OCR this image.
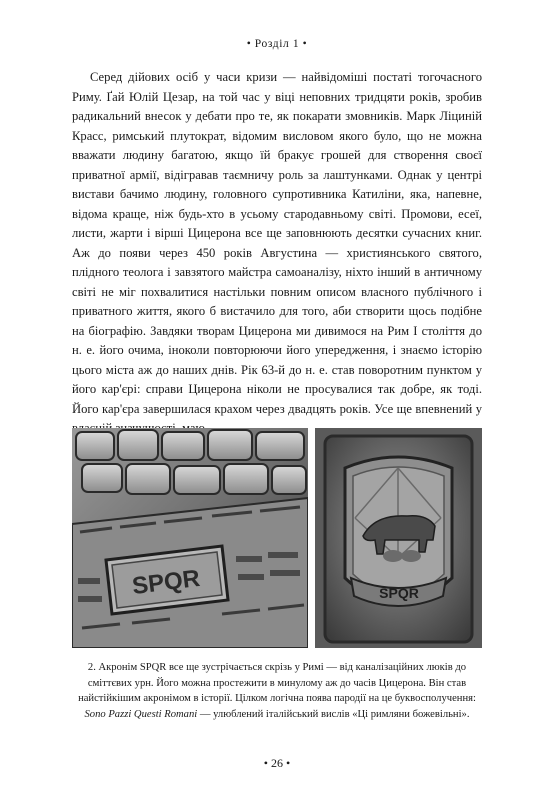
• Розділ 1 •

Серед дійових осіб у часи кризи — найвідоміші постаті тогочасного Риму. Ґай Юлій Цезар, на той час у віці неповних тридцяти років, зробив радикальний внесок у дебати про те, як покарати змовників. Марк Ліциній Красс, римський плутократ, відомим висловом якого було, що не можна вважати людину багатою, якщо їй бракує грошей для створення своєї приватної армії, відігравав таємничу роль за лаштунками. Однак у центрі вистави бачимо людину, головного супротивника Катиліни, яка, напевне, відома краще, ніж будь-хто в усьому стародавньому світі. Промови, есеї, листи, жарти і вірші Цицерона все ще заповнюють десятки сучасних книг. Аж до появи через 450 років Августина — християнського святого, плідного теолога і завзятого майстра самоаналізу, ніхто інший в античному світі не міг похвалитися настільки повним описом власного публічного і приватного життя, якого б вистачило для того, аби створити щось подібне на біографію. Завдяки творам Цицерона ми дивимося на Рим I століття до н. е. його очима, іноколи повторюючи його упередження, і знаємо історію цього міста аж до наших днів. Рік 63-й до н. е. став поворотним пунктом у його кар'єрі: справи Цицерона ніколи не просувалися так добре, як тоді. Його кар'єра завершилася крахом через двадцять років. Усе ще впевнений у

SPQR	SPQR
2. Акронім SPQR все ще зустрічається скрізь у Римі — від каналізаційних люків до сміттєвих урн. Його можна простежити в минулому аж до часів Цицерона. Він став найстійкішим акронімом в історії. Цілком логічна поява пародії на це буквосполучення: Sono Pazzi Questi Romani — улюблений італійський вислів «Ці римляни божевільні».
• 26 •
